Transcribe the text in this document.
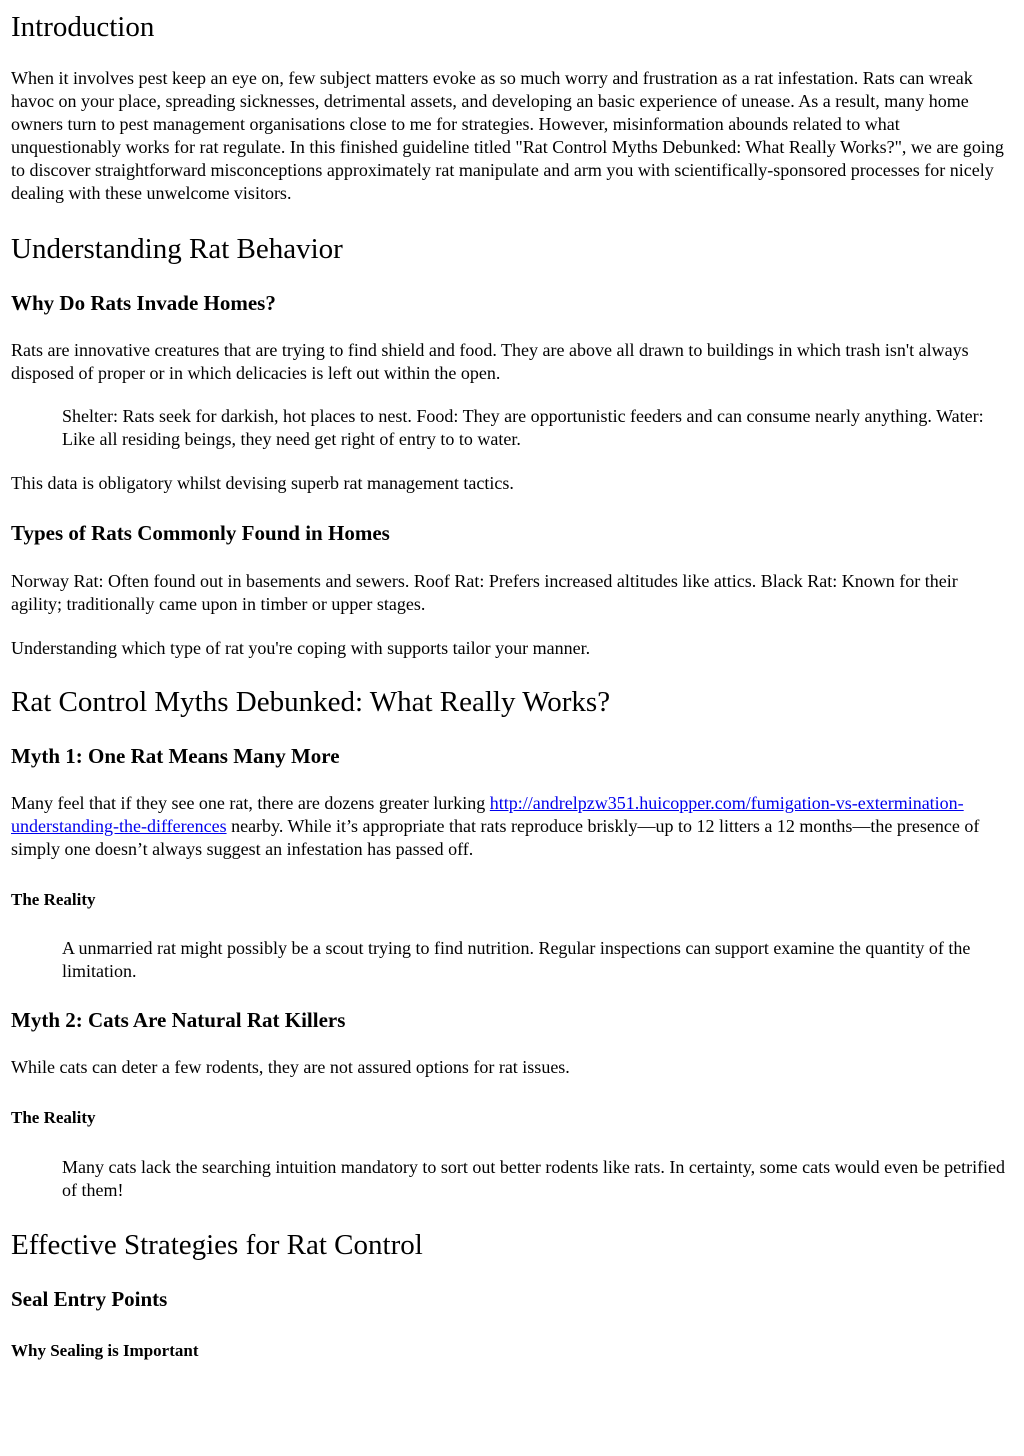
Introduction

When it involves pest keep an eye on, few subject matters evoke as so much worry and frustration as a rat infestation. Rats can wreak havoc on your place, spreading sicknesses, detrimental assets, and developing an basic experience of unease. As a result, many home owners turn to pest management organisations close to me for strategies. However, misinformation abounds related to what unquestionably works for rat regulate. In this finished guideline titled "Rat Control Myths Debunked: What Really Works?", we are going to discover straightforward misconceptions approximately rat manipulate and arm you with scientifically-sponsored processes for nicely dealing with these unwelcome visitors.

Understanding Rat Behavior
Why Do Rats Invade Homes?

Rats are innovative creatures that are trying to find shield and food. They are above all drawn to buildings in which trash isn't always disposed of proper or in which delicacies is left out within the open.

Shelter: Rats seek for darkish, hot places to nest. Food: They are opportunistic feeders and can consume nearly anything. Water: Like all residing beings, they need get right of entry to to water.

This data is obligatory whilst devising superb rat management tactics.

Types of Rats Commonly Found in Homes

Norway Rat: Often found out in basements and sewers. Roof Rat: Prefers increased altitudes like attics. Black Rat: Known for their agility; traditionally came upon in timber or upper stages.

Understanding which type of rat you're coping with supports tailor your manner.

Rat Control Myths Debunked: What Really Works?
Myth 1: One Rat Means Many More

Many feel that if they see one rat, there are dozens greater lurking http://andrelpzw351.huicopper.com/fumigation-vs-extermination-understanding-the-differences nearby. While it’s appropriate that rats reproduce briskly—up to 12 litters a 12 months—the presence of simply one doesn’t always suggest an infestation has passed off.

The Reality
A unmarried rat might possibly be a scout trying to find nutrition. Regular inspections can support examine the quantity of the limitation.
Myth 2: Cats Are Natural Rat Killers

While cats can deter a few rodents, they are not assured options for rat issues.

The Reality
Many cats lack the searching intuition mandatory to sort out better rodents like rats. In certainty, some cats would even be petrified of them!
Effective Strategies for Rat Control
Seal Entry Points
Why Sealing is Important
